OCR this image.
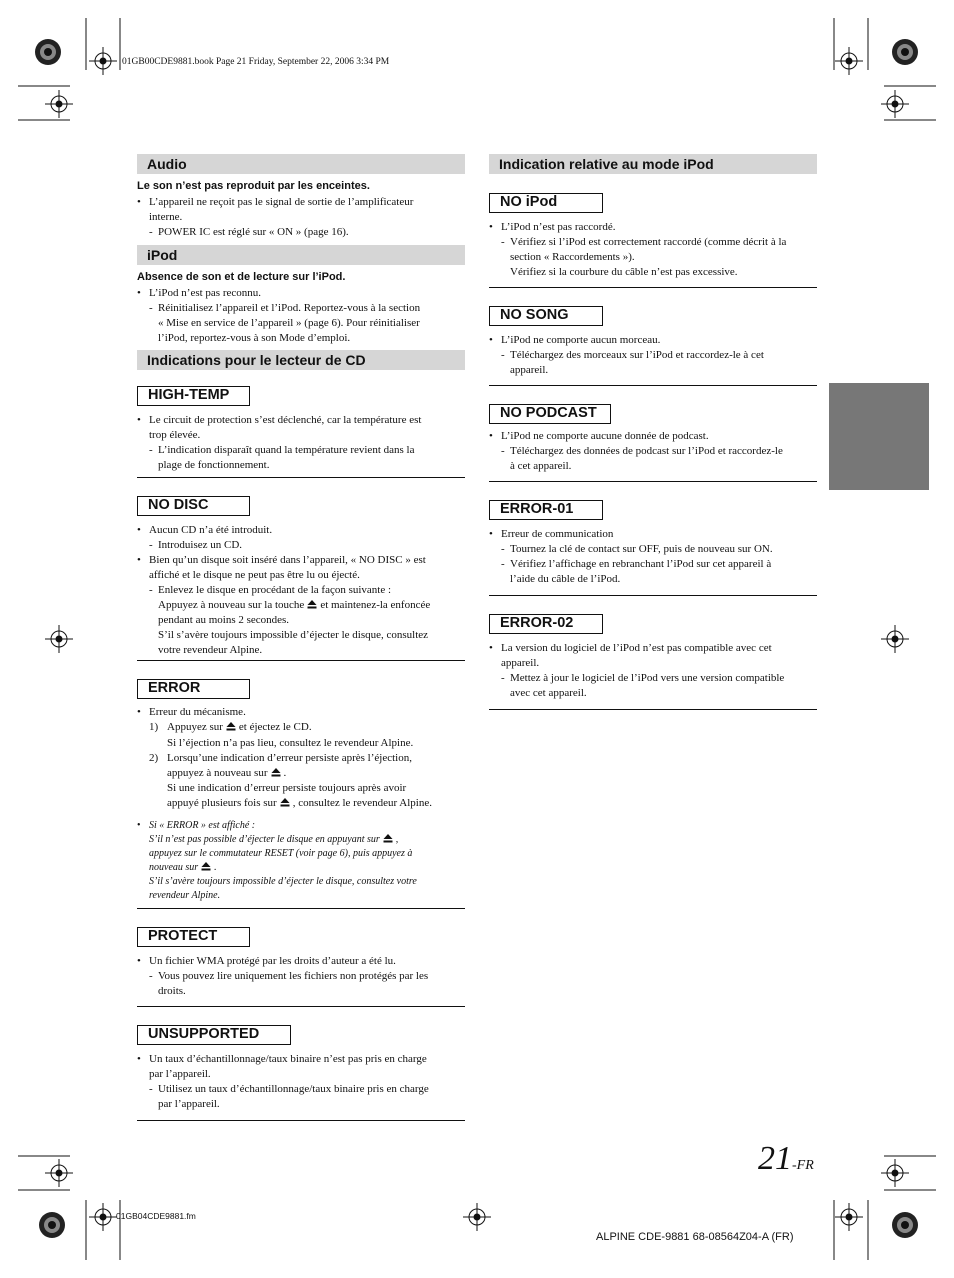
01GB00CDE9881.book Page 21 Friday, September 22, 2006 3:34 PM
Audio
Le son n’est pas reproduit par les enceintes.
• L’appareil ne reçoit pas le signal de sortie de l’amplificateur
interne.
- POWER IC est réglé sur « ON » (page 16).
iPod
Absence de son et de lecture sur l’iPod.
• L’iPod n’est pas reconnu.
- Réinitialisez l’appareil et l’iPod. Reportez-vous à la section
« Mise en service de l’appareil » (page 6). Pour réinitialiser
l’iPod, reportez-vous à son Mode d’emploi.
Indications pour le lecteur de CD
HIGH-TEMP
• Le circuit de protection s’est déclenché, car la température est
trop élevée.
- L’indication disparaît quand la température revient dans la
plage de fonctionnement.
NO DISC
• Aucun CD n’a été introduit.
- Introduisez un CD.
• Bien qu’un disque soit inséré dans l’appareil, « NO DISC » est
affiché et le disque ne peut pas être lu ou éjecté.
- Enlevez le disque en procédant de la façon suivante :
Appuyez à nouveau sur la touche et maintenez-la enfoncée
pendant au moins 2 secondes.
S’il s’avère toujours impossible d’éjecter le disque, consultez
votre revendeur Alpine.
ERROR
• Erreur du mécanisme.
1) Appuyez sur et éjectez le CD.
Si l’éjection n’a pas lieu, consultez le revendeur Alpine.
2) Lorsqu’une indication d’erreur persiste après l’éjection,
appuyez à nouveau sur .
Si une indication d’erreur persiste toujours après avoir
appuyé plusieurs fois sur , consultez le revendeur Alpine.
• Si « ERROR » est affiché :
S’il n’est pas possible d’éjecter le disque en appuyant sur ,
appuyez sur le commutateur RESET (voir page 6), puis appuyez à
nouveau sur .
S’il s’avère toujours impossible d’éjecter le disque, consultez votre
revendeur Alpine.
PROTECT
• Un fichier WMA protégé par les droits d’auteur a été lu.
- Vous pouvez lire uniquement les fichiers non protégés par les
droits.
UNSUPPORTED
• Un taux d’échantillonnage/taux binaire n’est pas pris en charge
par l’appareil.
- Utilisez un taux d’échantillonnage/taux binaire pris en charge
par l’appareil.
Indication relative au mode iPod
NO iPod
• L’iPod n’est pas raccordé.
- Vérifiez si l’iPod est correctement raccordé (comme décrit à la
section « Raccordements »).
Vérifiez si la courbure du câble n’est pas excessive.
NO SONG
• L’iPod ne comporte aucun morceau.
- Téléchargez des morceaux sur l’iPod et raccordez-le à cet
appareil.
NO PODCAST
• L’iPod ne comporte aucune donnée de podcast.
- Téléchargez des données de podcast sur l’iPod et raccordez-le
à cet appareil.
ERROR-01
• Erreur de communication
- Tournez la clé de contact sur OFF, puis de nouveau sur ON.
- Vérifiez l’affichage en rebranchant l’iPod sur cet appareil à
l’aide du câble de l’iPod.
ERROR-02
• La version du logiciel de l’iPod n’est pas compatible avec cet
appareil.
- Mettez à jour le logiciel de l’iPod vers une version compatible
avec cet appareil.
21-FR
01GB04CDE9881.fm
ALPINE CDE-9881 68-08564Z04-A (FR)
